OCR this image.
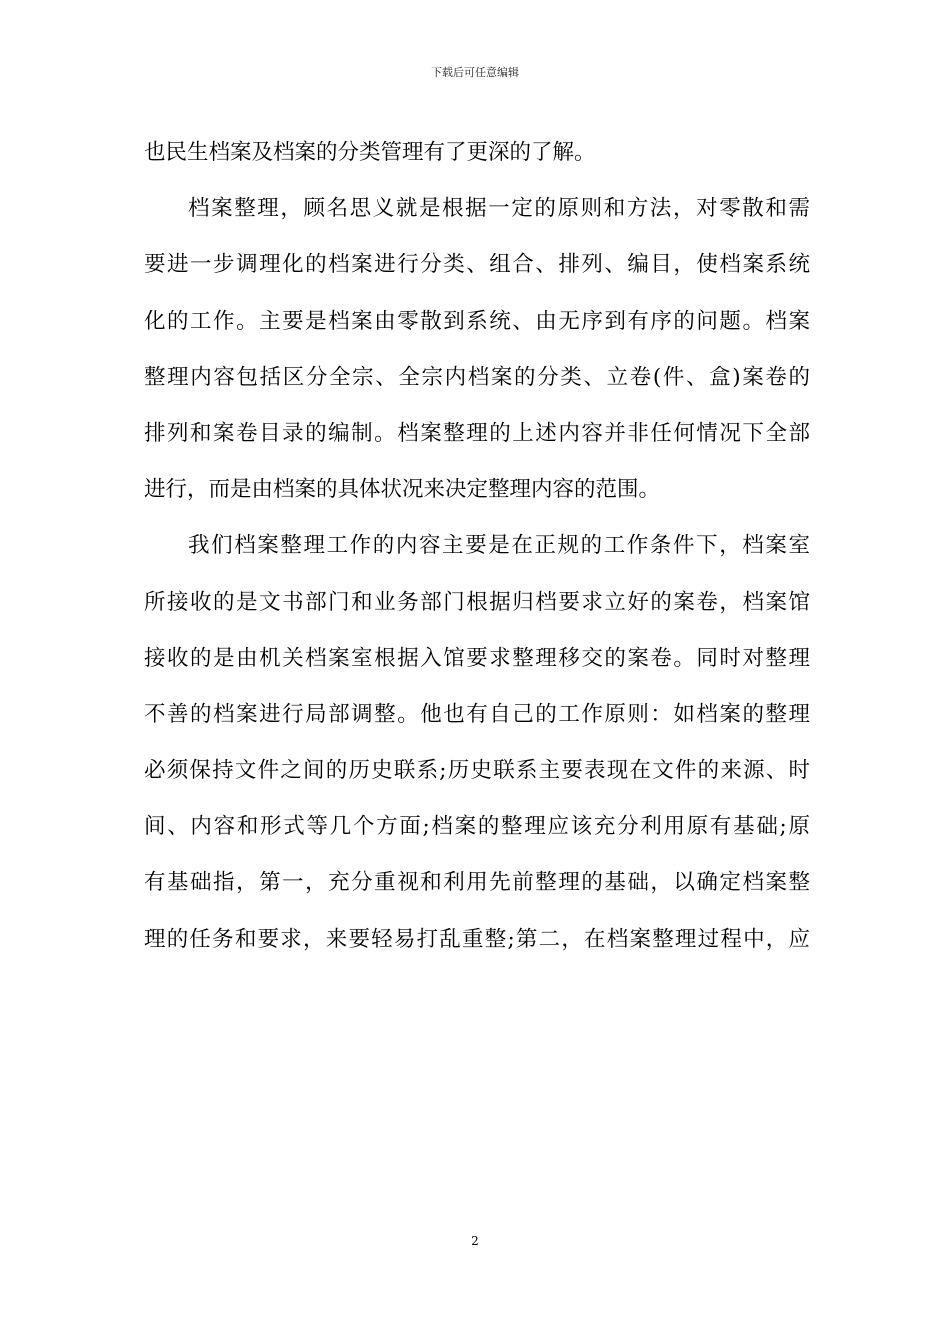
下载后可任意编辑
也民生档案及档案的分类管理有了更深的了解。
档案整理，顾名思义就是根据一定的原则和方法，对零散和需
要进一步调理化的档案进行分类、组合、排列、编目，使档案系统
化的工作。主要是档案由零散到系统、由无序到有序的问题。档案
整理内容包括区分全宗、全宗内档案的分类、立卷(件、盒)案卷的
排列和案卷目录的编制。档案整理的上述内容并非任何情况下全部
进行，而是由档案的具体状况来决定整理内容的范围。
我们档案整理工作的内容主要是在正规的工作条件下，档案室
所接收的是文书部门和业务部门根据归档要求立好的案卷，档案馆
接收的是由机关档案室根据入馆要求整理移交的案卷。同时对整理
不善的档案进行局部调整。他也有自己的工作原则：如档案的整理
必须保持文件之间的历史联系;历史联系主要表现在文件的来源、时
间、内容和形式等几个方面;档案的整理应该充分利用原有基础;原
有基础指，第一，充分重视和利用先前整理的基础，以确定档案整
理的任务和要求，来要轻易打乱重整;第二，在档案整理过程中，应
2
